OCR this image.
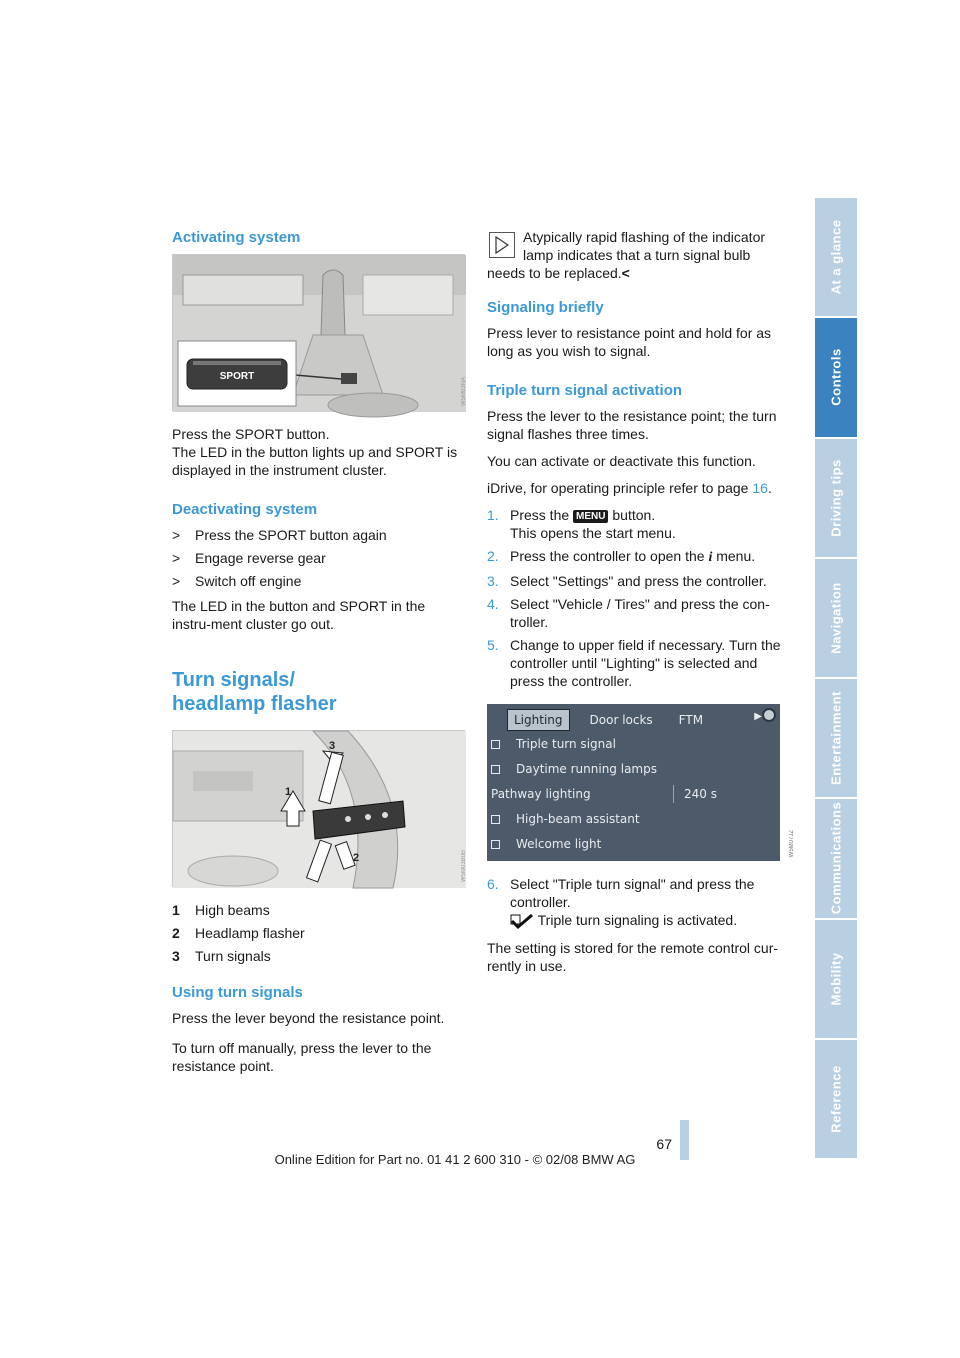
Activating system
SPORT

Press the SPORT button.

The LED in the button lights up and SPORT is displayed in the instrument cluster.

Deactivating system
> Press the SPORT button again
> Engage reverse gear
> Switch off engine

The LED in the button and SPORT in the instru-ment cluster go out.

Turn signals/ headlamp flasher
1
2
3
1	High beams
2	Headlamp flasher
3	Turn signals
Using turn signals

Press the lever beyond the resistance point.

To turn off manually, press the lever to the resistance point.

Atypically rapid flashing of the indicator
lamp indicates that a turn signal bulb
needs to be replaced.<
Signaling briefly

Press lever to resistance point and hold for as long as you wish to signal.

Triple turn signal activation

Press the lever to the resistance point; the turn signal flashes three times.

You can activate or deactivate this function.

iDrive, for operating principle refer to page 16.

1. Press the MENU button.
This opens the start menu.
2. Press the controller to open the i menu.
3. Select "Settings" and press the controller.
4. Select "Vehicle / Tires" and press the con-troller.
5. Change to upper field if necessary. Turn the controller until "Lighting" is selected and press the controller.
Lighting	Door locks	FTM	▶
Triple turn signal
Daytime running lamps
Pathway lighting	240 s
High-beam assistant
Welcome light	W5M07JZ
6. Select "Triple turn signal" and press the controller.
Triple turn signaling is activated.

The setting is stored for the remote control cur-rently in use.

At a glance
Controls
Driving tips
Navigation
Entertainment
Communications
Mobility
Reference
67
Online Edition for Part no. 01 41 2 600 310 - © 02/08 BMW AG
